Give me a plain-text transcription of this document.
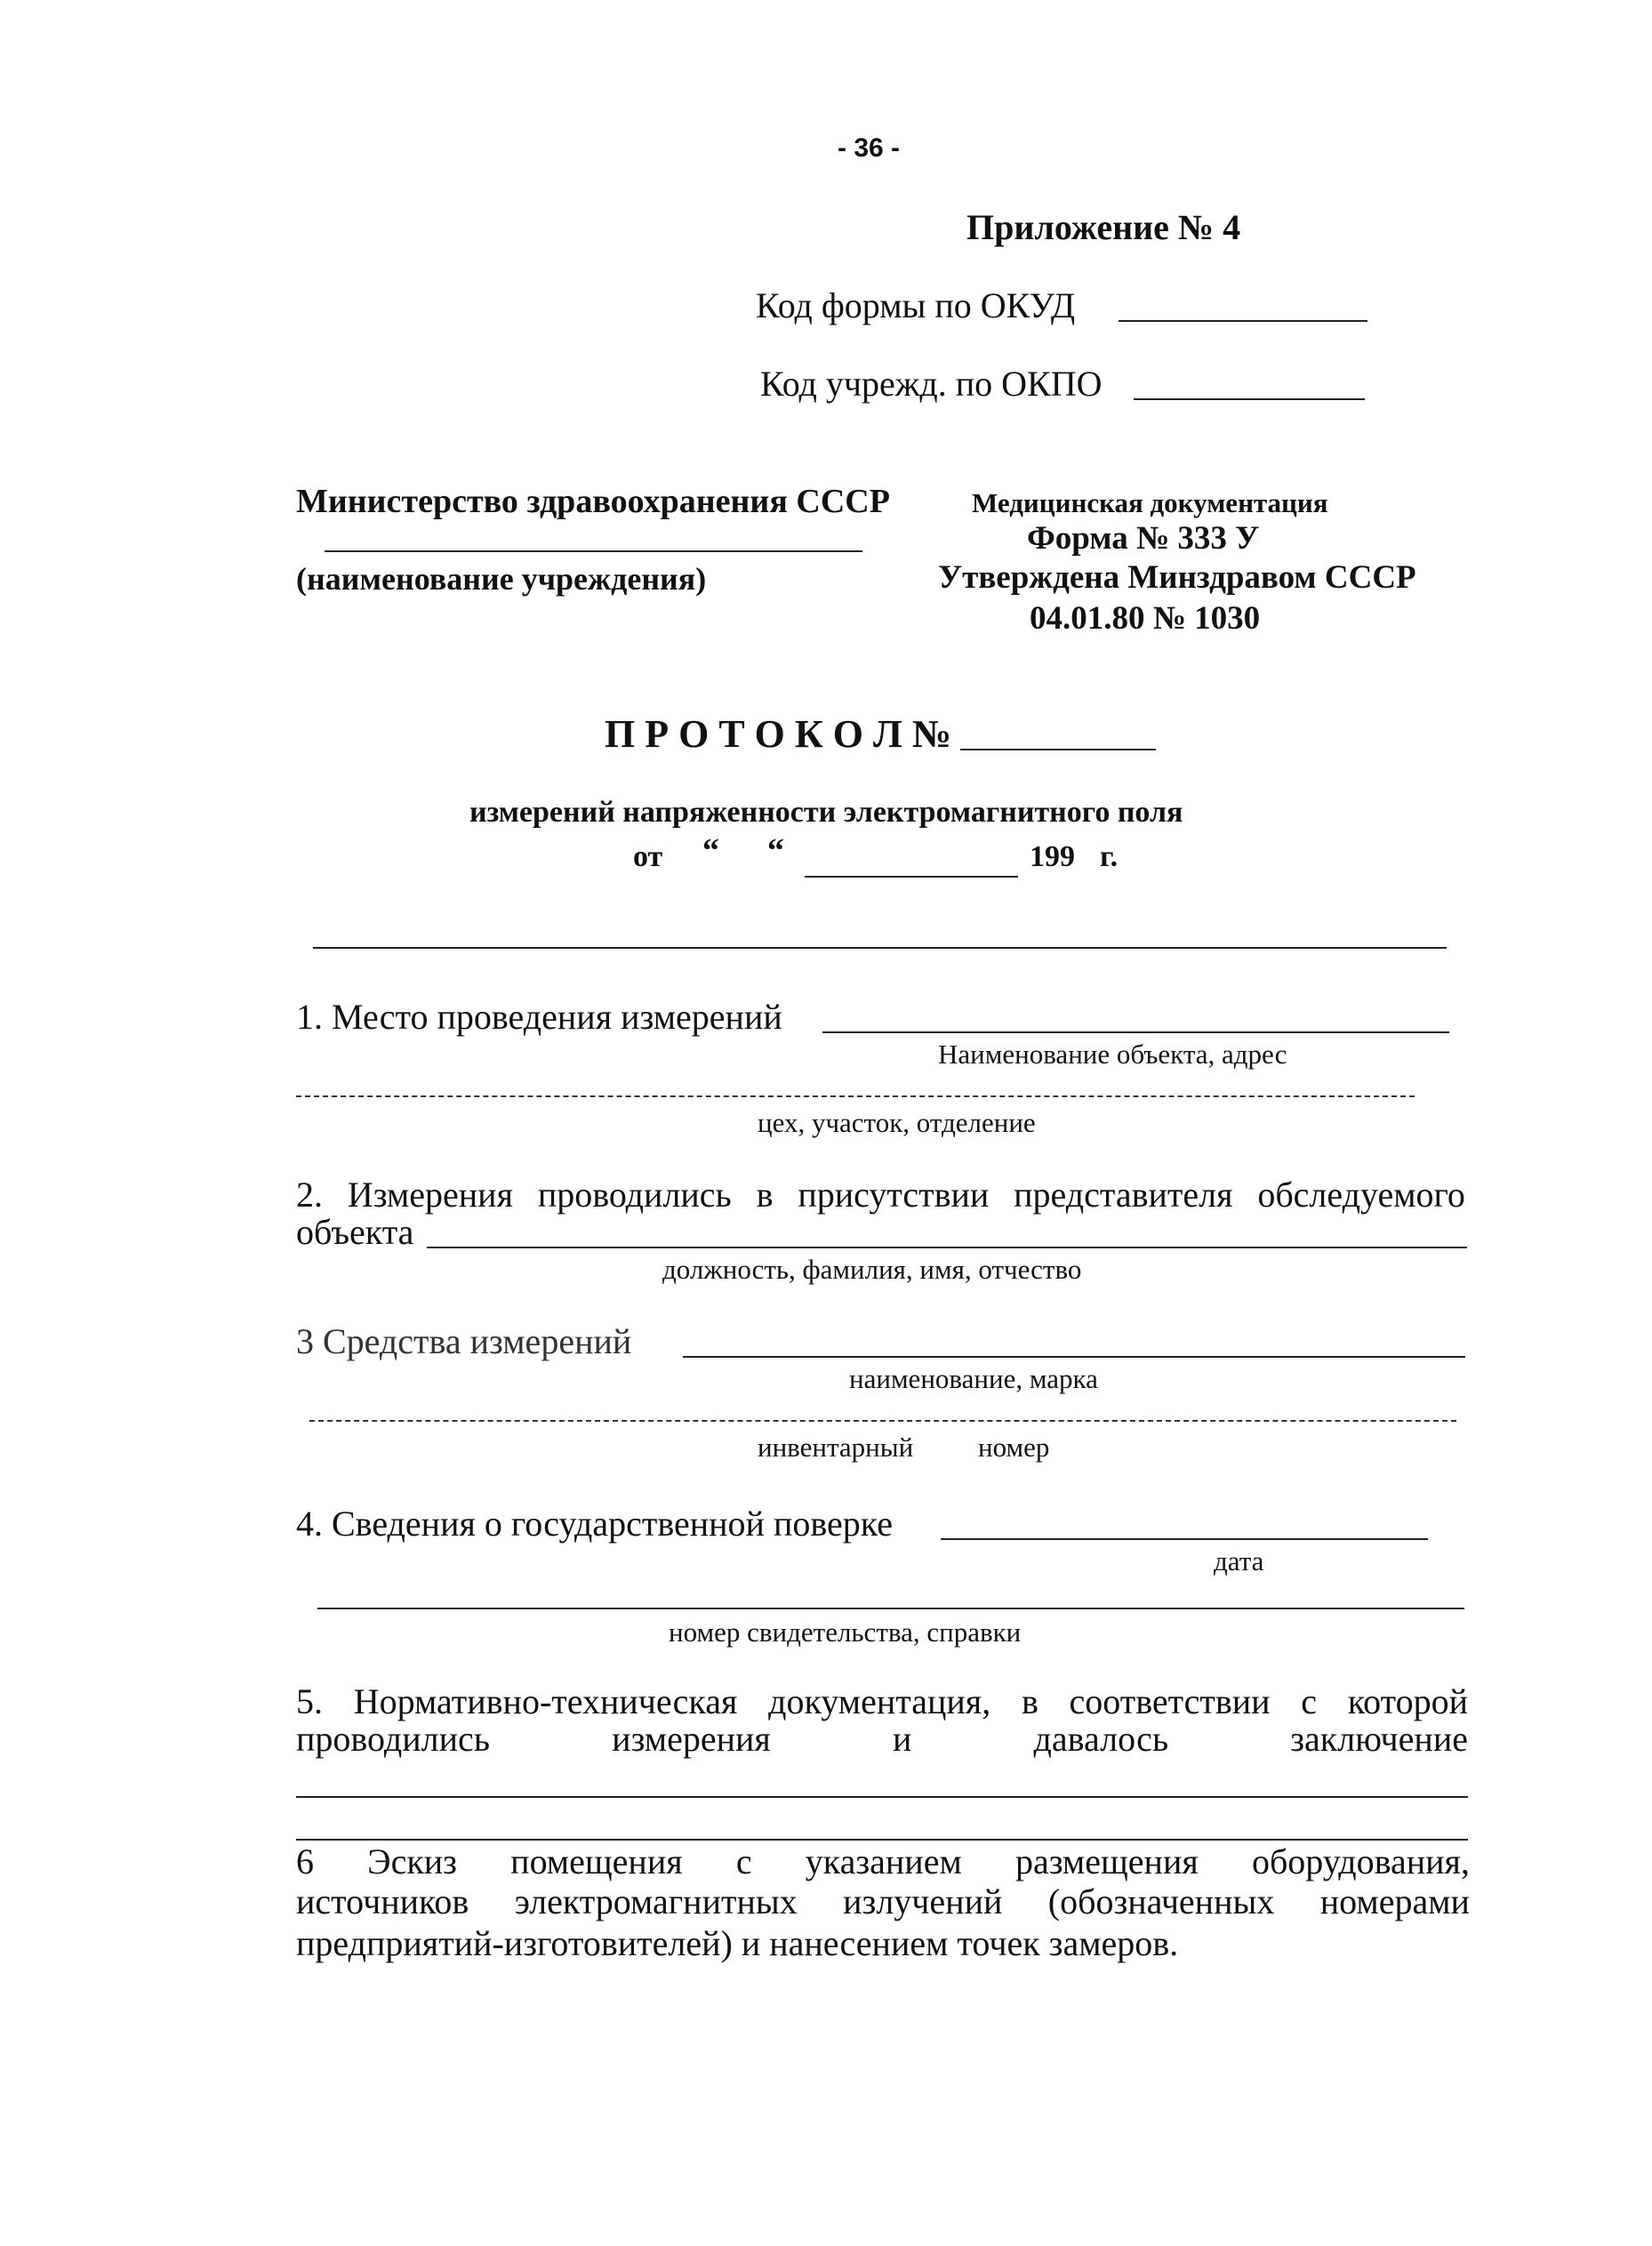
- 36 -
Приложение № 4
Код формы по ОКУД
Код учрежд. по ОКПО
Министерство здравоохранения СССР
(наименование учреждения)
Медицинская документация
Форма № 333 У
Утверждена Минздравом СССР
04.01.80 № 1030
П Р О Т О К О Л №
измерений напряженности электромагнитного поля
от “ “	199 г.
1. Место проведения измерений
Наименование объекта, адрес
цех, участок, отделение
2. Измерения проводились в присутствии представителя обследуемого
объекта
должность, фамилия, имя, отчество
3 Средства измерений
наименование, марка
инвентарный номер
4. Сведения о государственной поверке
дата
номер свидетельства, справки
5. Нормативно-техническая документация, в соответствии с которой
проводились	измерения	и	давалось	заключение
6 Эскиз помещения с указанием размещения оборудования,
источников электромагнитных излучений (обозначенных номерами
предприятий-изготовителей) и нанесением точек замеров.
